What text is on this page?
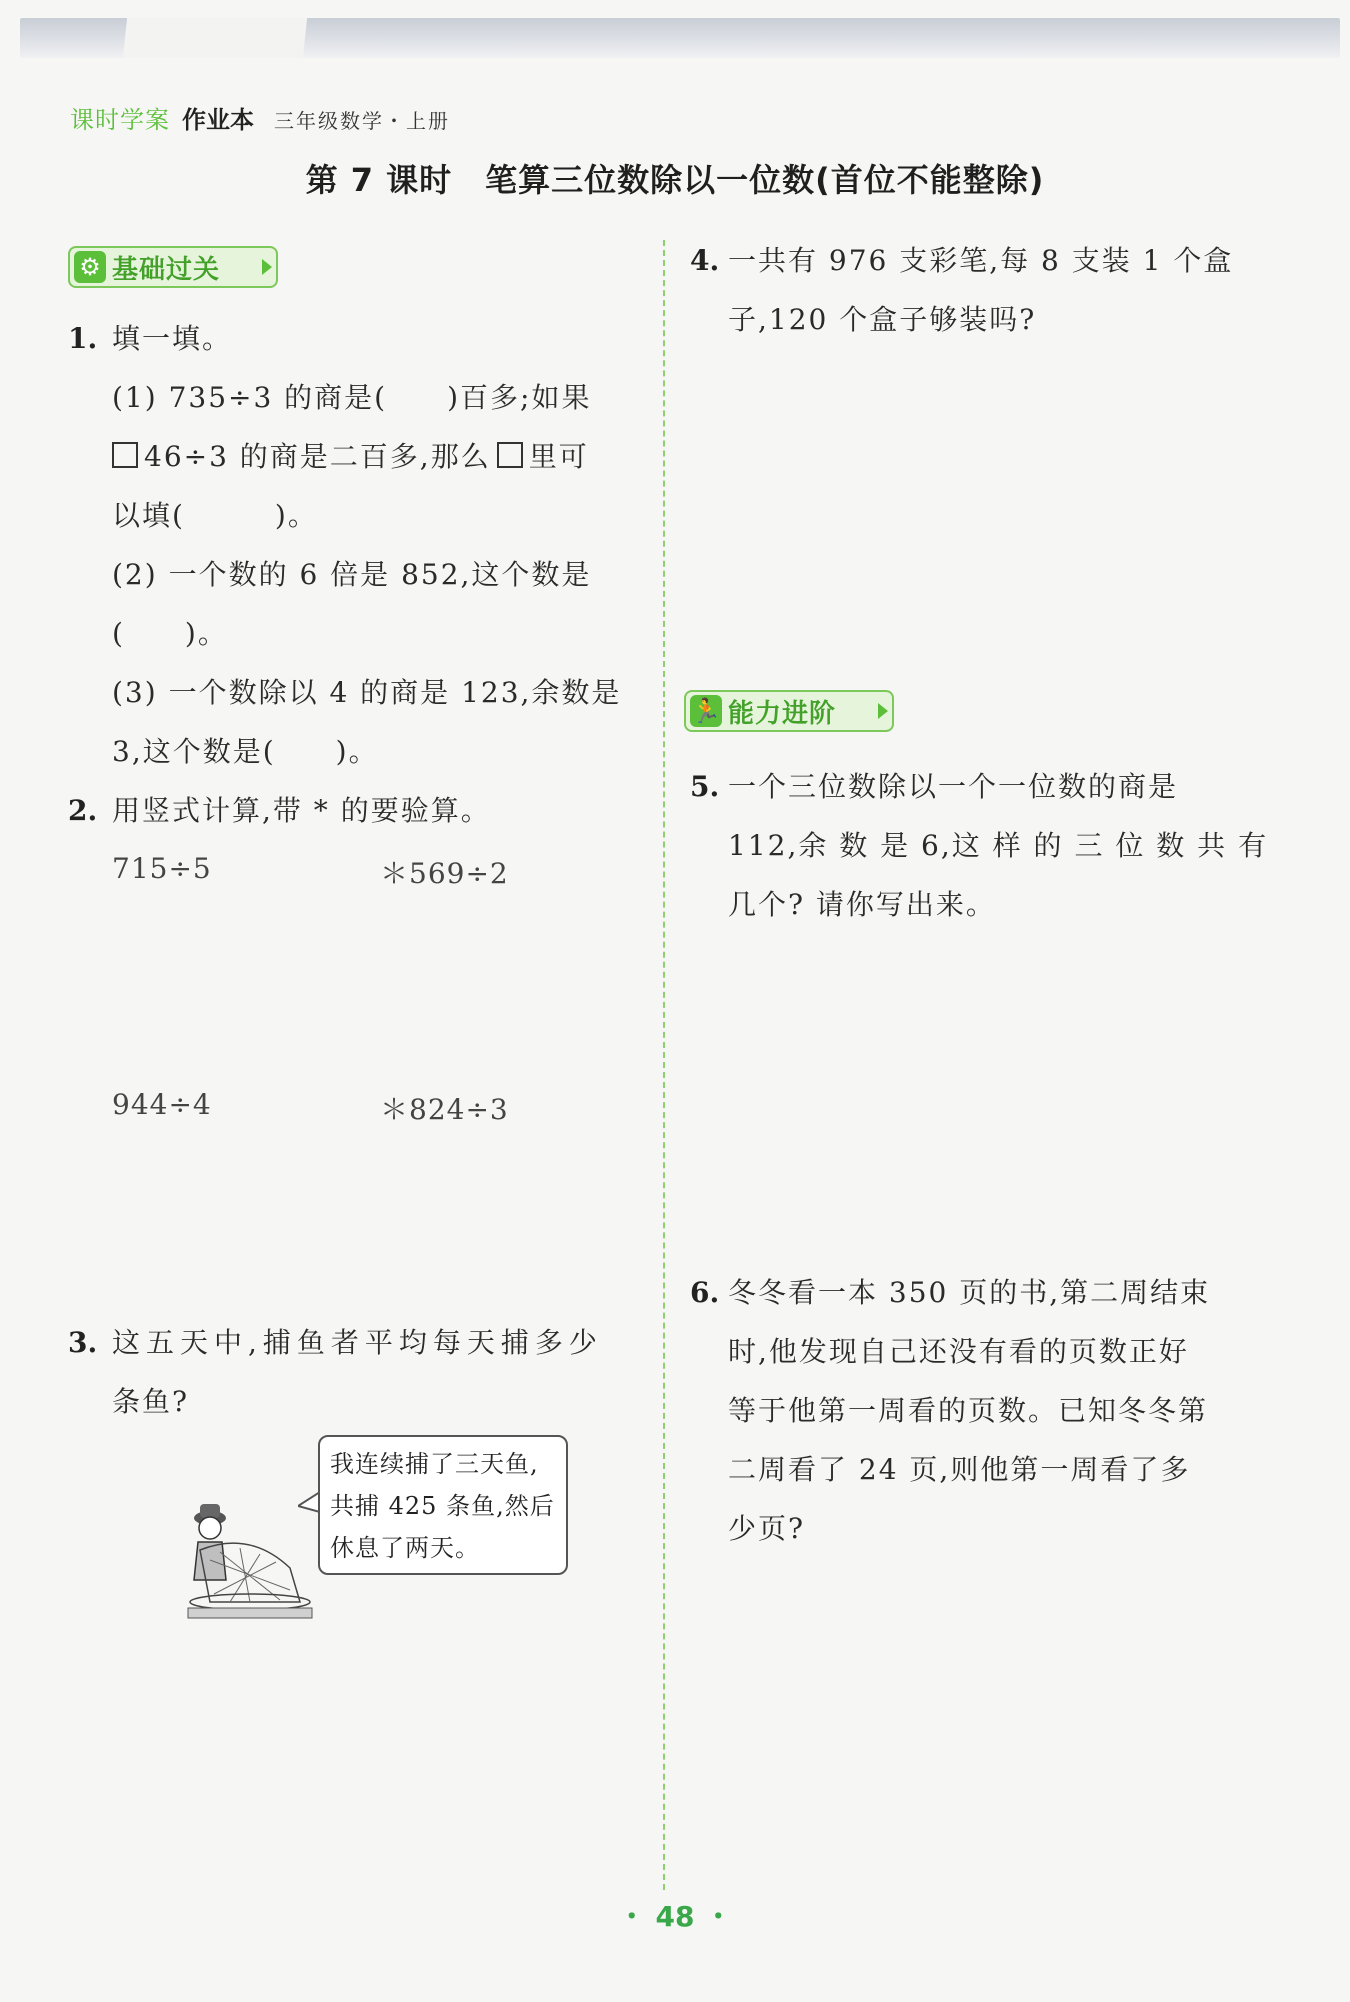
课时学案 作业本 三年级数学・上册
第 7 课时　笔算三位数除以一位数(首位不能整除)
⚙ 基础过关
1. 填一填。
(1) 735÷3 的商是(　　)百多;如果
46÷3 的商是二百多,那么 里可
以填(　　　)。
(2) 一个数的 6 倍是 852,这个数是
(　　)。
(3) 一个数除以 4 的商是 123,余数是
3,这个数是(　　)。
2. 用竖式计算,带 * 的要验算。
715÷5	＊569÷2
944÷4	＊824÷3
3. 这五天中,捕鱼者平均每天捕多少
条鱼?
我连续捕了三天鱼,
共捕 425 条鱼,然后
休息了两天。
4. 一共有 976 支彩笔,每 8 支装 1 个盒
子,120 个盒子够装吗?
🏃 能力进阶
5. 一个三位数除以一个一位数的商是
112,余 数 是 6,这 样 的 三 位 数 共 有
几个? 请你写出来。
6. 冬冬看一本 350 页的书,第二周结束
时,他发现自己还没有看的页数正好
等于他第一周看的页数。已知冬冬第
二周看了 24 页,则他第一周看了多
少页?
・ 48 ・
